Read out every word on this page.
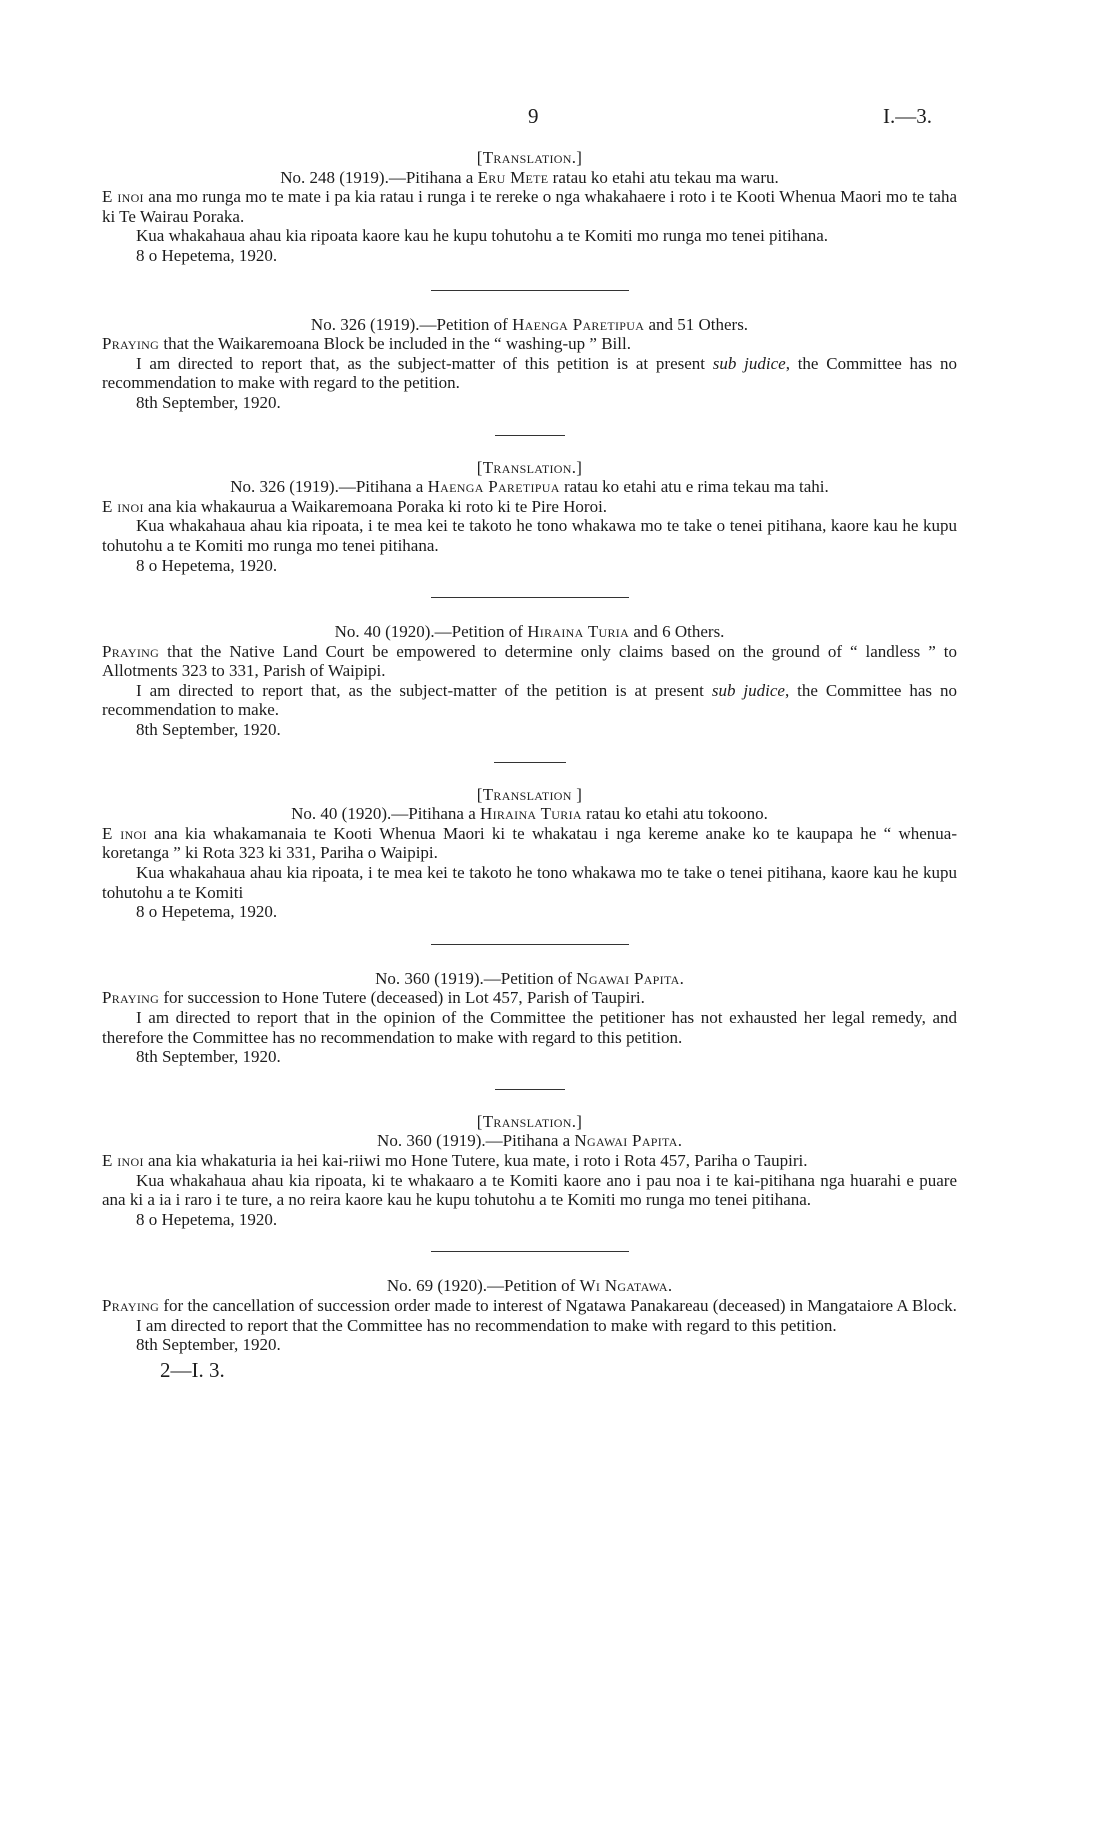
9	I.—3.

[Translation.]

No. 248 (1919).—Pitihana a Eru Mete ratau ko etahi atu tekau ma waru.

E inoi ana mo runga mo te mate i pa kia ratau i runga i te rereke o nga whakahaere i roto i te Kooti Whenua Maori mo te taha ki Te Wairau Poraka.

Kua whakahaua ahau kia ripoata kaore kau he kupu tohutohu a te Komiti mo runga mo tenei pitihana.

8 o Hepetema, 1920.

No. 326 (1919).—Petition of Haenga Paretipua and 51 Others.

Praying that the Waikaremoana Block be included in the “ washing-up ” Bill.

I am directed to report that, as the subject-matter of this petition is at present sub judice, the Committee has no recommendation to make with regard to the petition.

8th September, 1920.

[Translation.]

No. 326 (1919).—Pitihana a Haenga Paretipua ratau ko etahi atu e rima tekau ma tahi.

E inoi ana kia whakaurua a Waikaremoana Poraka ki roto ki te Pire Horoi.

Kua whakahaua ahau kia ripoata, i te mea kei te takoto he tono whakawa mo te take o tenei pitihana, kaore kau he kupu tohutohu a te Komiti mo runga mo tenei pitihana.

8 o Hepetema, 1920.

No. 40 (1920).—Petition of Hiraina Turia and 6 Others.

Praying that the Native Land Court be empowered to determine only claims based on the ground of “ landless ” to Allotments 323 to 331, Parish of Waipipi.

I am directed to report that, as the subject-matter of the petition is at present sub judice, the Committee has no recommendation to make.

8th September, 1920.

[Translation ]

No. 40 (1920).—Pitihana a Hiraina Turia ratau ko etahi atu tokoono.

E inoi ana kia whakamanaia te Kooti Whenua Maori ki te whakatau i nga kereme anake ko te kaupapa he “ whenua-koretanga ” ki Rota 323 ki 331, Pariha o Waipipi.

Kua whakahaua ahau kia ripoata, i te mea kei te takoto he tono whakawa mo te take o tenei pitihana, kaore kau he kupu tohutohu a te Komiti

8 o Hepetema, 1920.

No. 360 (1919).—Petition of Ngawai Papita.

Praying for succession to Hone Tutere (deceased) in Lot 457, Parish of Taupiri.

I am directed to report that in the opinion of the Committee the petitioner has not exhausted her legal remedy, and therefore the Committee has no recommendation to make with regard to this petition.

8th September, 1920.

[Translation.]

No. 360 (1919).—Pitihana a Ngawai Papita.

E inoi ana kia whakaturia ia hei kai-riiwi mo Hone Tutere, kua mate, i roto i Rota 457, Pariha o Taupiri.

Kua whakahaua ahau kia ripoata, ki te whakaaro a te Komiti kaore ano i pau noa i te kai-pitihana nga huarahi e puare ana ki a ia i raro i te ture, a no reira kaore kau he kupu tohutohu a te Komiti mo runga mo tenei pitihana.

8 o Hepetema, 1920.

No. 69 (1920).—Petition of Wi Ngatawa.

Praying for the cancellation of succession order made to interest of Ngatawa Panakareau (deceased) in Mangataiore A Block.

I am directed to report that the Committee has no recommendation to make with regard to this petition.

8th September, 1920.

2—I. 3.
